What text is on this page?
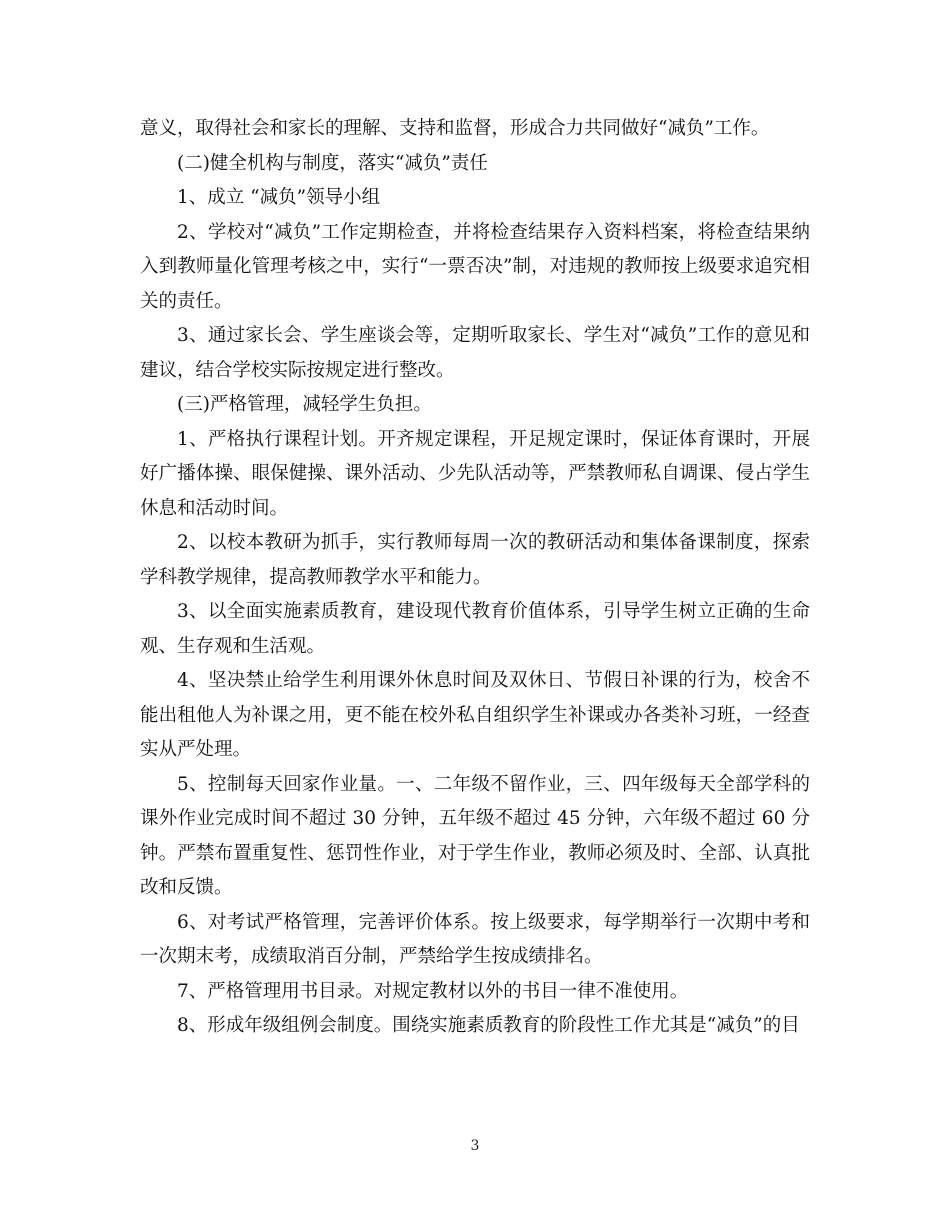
意义，取得社会和家长的理解、支持和监督，形成合力共同做好“减负”工作。

(二)健全机构与制度，落实“减负”责任

1、成立 “减负”领导小组

2、学校对“减负”工作定期检查，并将检查结果存入资料档案，将检查结果纳入到教师量化管理考核之中，实行“一票否决”制，对违规的教师按上级要求追究相关的责任。

3、通过家长会、学生座谈会等，定期听取家长、学生对“减负”工作的意见和建议，结合学校实际按规定进行整改。

(三)严格管理，减轻学生负担。

1、严格执行课程计划。开齐规定课程，开足规定课时，保证体育课时，开展好广播体操、眼保健操、课外活动、少先队活动等，严禁教师私自调课、侵占学生休息和活动时间。

2、以校本教研为抓手，实行教师每周一次的教研活动和集体备课制度，探索学科教学规律，提高教师教学水平和能力。

3、以全面实施素质教育，建设现代教育价值体系，引导学生树立正确的生命观、生存观和生活观。

4、坚决禁止给学生利用课外休息时间及双休日、节假日补课的行为，校舍不能出租他人为补课之用，更不能在校外私自组织学生补课或办各类补习班，一经查实从严处理。

5、控制每天回家作业量。一、二年级不留作业，三、四年级每天全部学科的课外作业完成时间不超过 30 分钟，五年级不超过 45 分钟，六年级不超过 60 分钟。严禁布置重复性、惩罚性作业，对于学生作业，教师必须及时、全部、认真批改和反馈。

6、对考试严格管理，完善评价体系。按上级要求，每学期举行一次期中考和一次期末考，成绩取消百分制，严禁给学生按成绩排名。

7、严格管理用书目录。对规定教材以外的书目一律不准使用。

8、形成年级组例会制度。围绕实施素质教育的阶段性工作尤其是“减负”的目

3
